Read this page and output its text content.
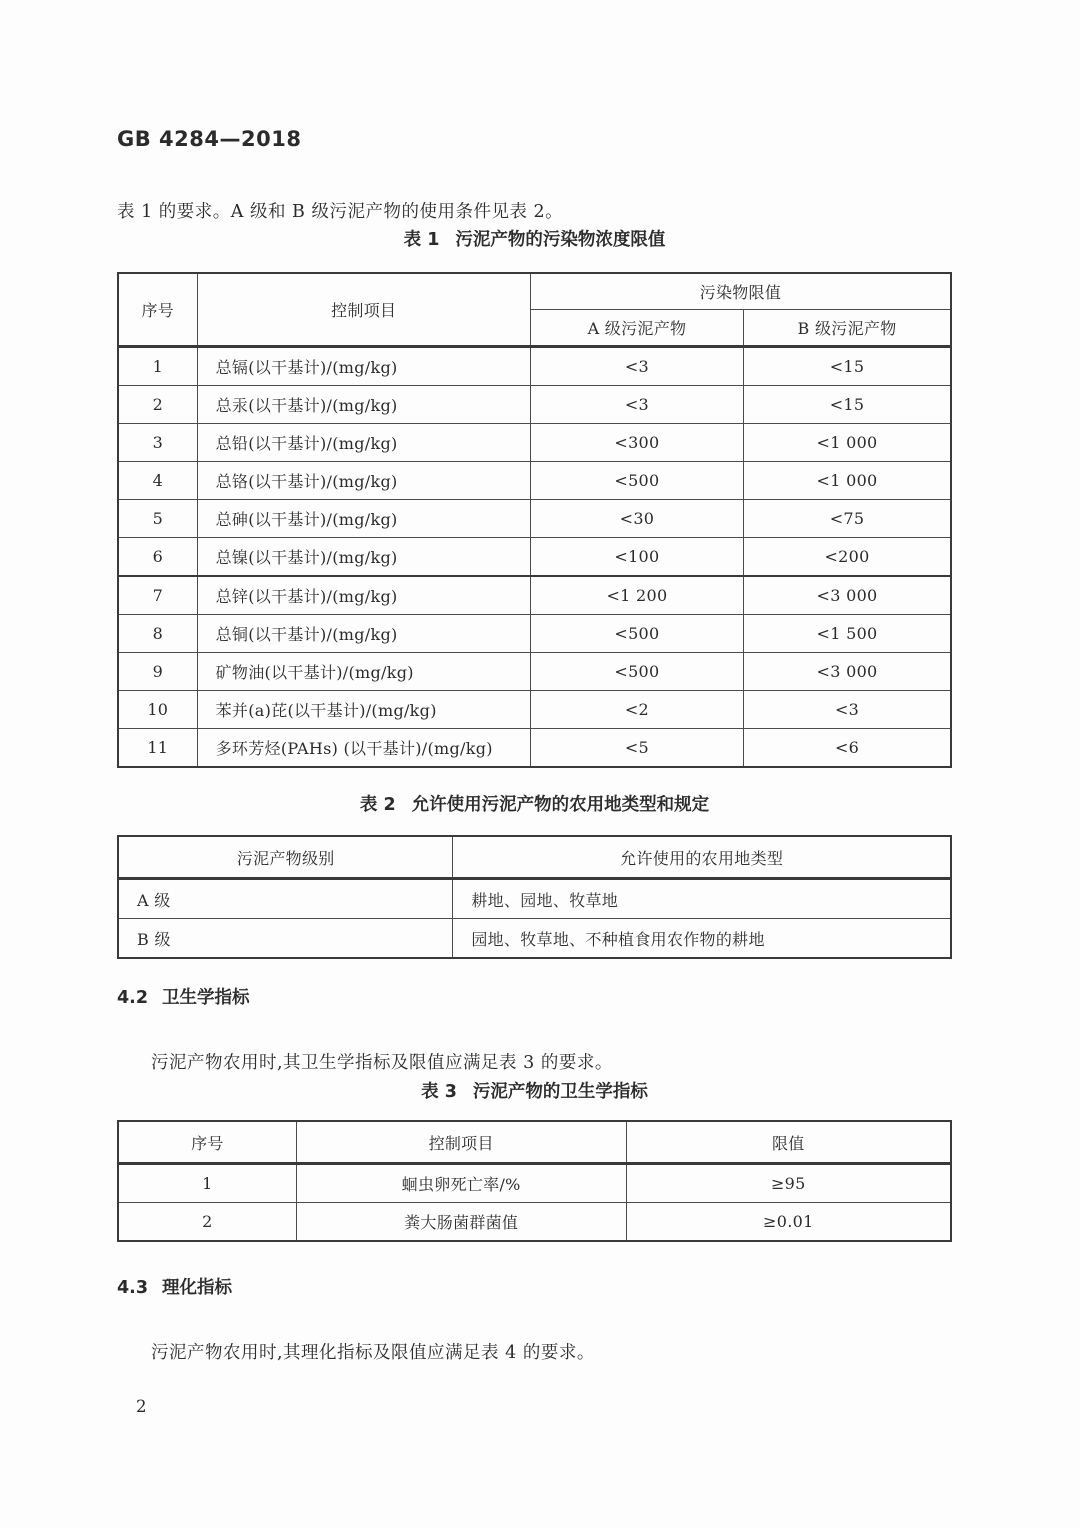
GB 4284—2018

表 1 的要求。A 级和 B 级污泥产物的使用条件见表 2。

表 1 污泥产物的污染物浓度限值
序号	控制项目	污染物限值	
		A 级污泥产物	B 级污泥产物
1	总镉(以干基计)/(mg/kg)	<3	<15
2	总汞(以干基计)/(mg/kg)	<3	<15
3	总铅(以干基计)/(mg/kg)	<300	<1 000
4	总铬(以干基计)/(mg/kg)	<500	<1 000
5	总砷(以干基计)/(mg/kg)	<30	<75
6	总镍(以干基计)/(mg/kg)	<100	<200
7	总锌(以干基计)/(mg/kg)	<1 200	<3 000
8	总铜(以干基计)/(mg/kg)	<500	<1 500
9	矿物油(以干基计)/(mg/kg)	<500	<3 000
10	苯并(a)芘(以干基计)/(mg/kg)	<2	<3
11	多环芳烃(PAHs) (以干基计)/(mg/kg)	<5	<6
表 2 允许使用污泥产物的农用地类型和规定
污泥产物级别	允许使用的农用地类型
A 级	耕地、园地、牧草地
B 级	园地、牧草地、不种植食用农作物的耕地
4.2 卫生学指标

污泥产物农用时,其卫生学指标及限值应满足表 3 的要求。

表 3 污泥产物的卫生学指标
序号	控制项目	限值
1	蛔虫卵死亡率/%	≥95
2	粪大肠菌群菌值	≥0.01
4.3 理化指标

污泥产物农用时,其理化指标及限值应满足表 4 的要求。

2
